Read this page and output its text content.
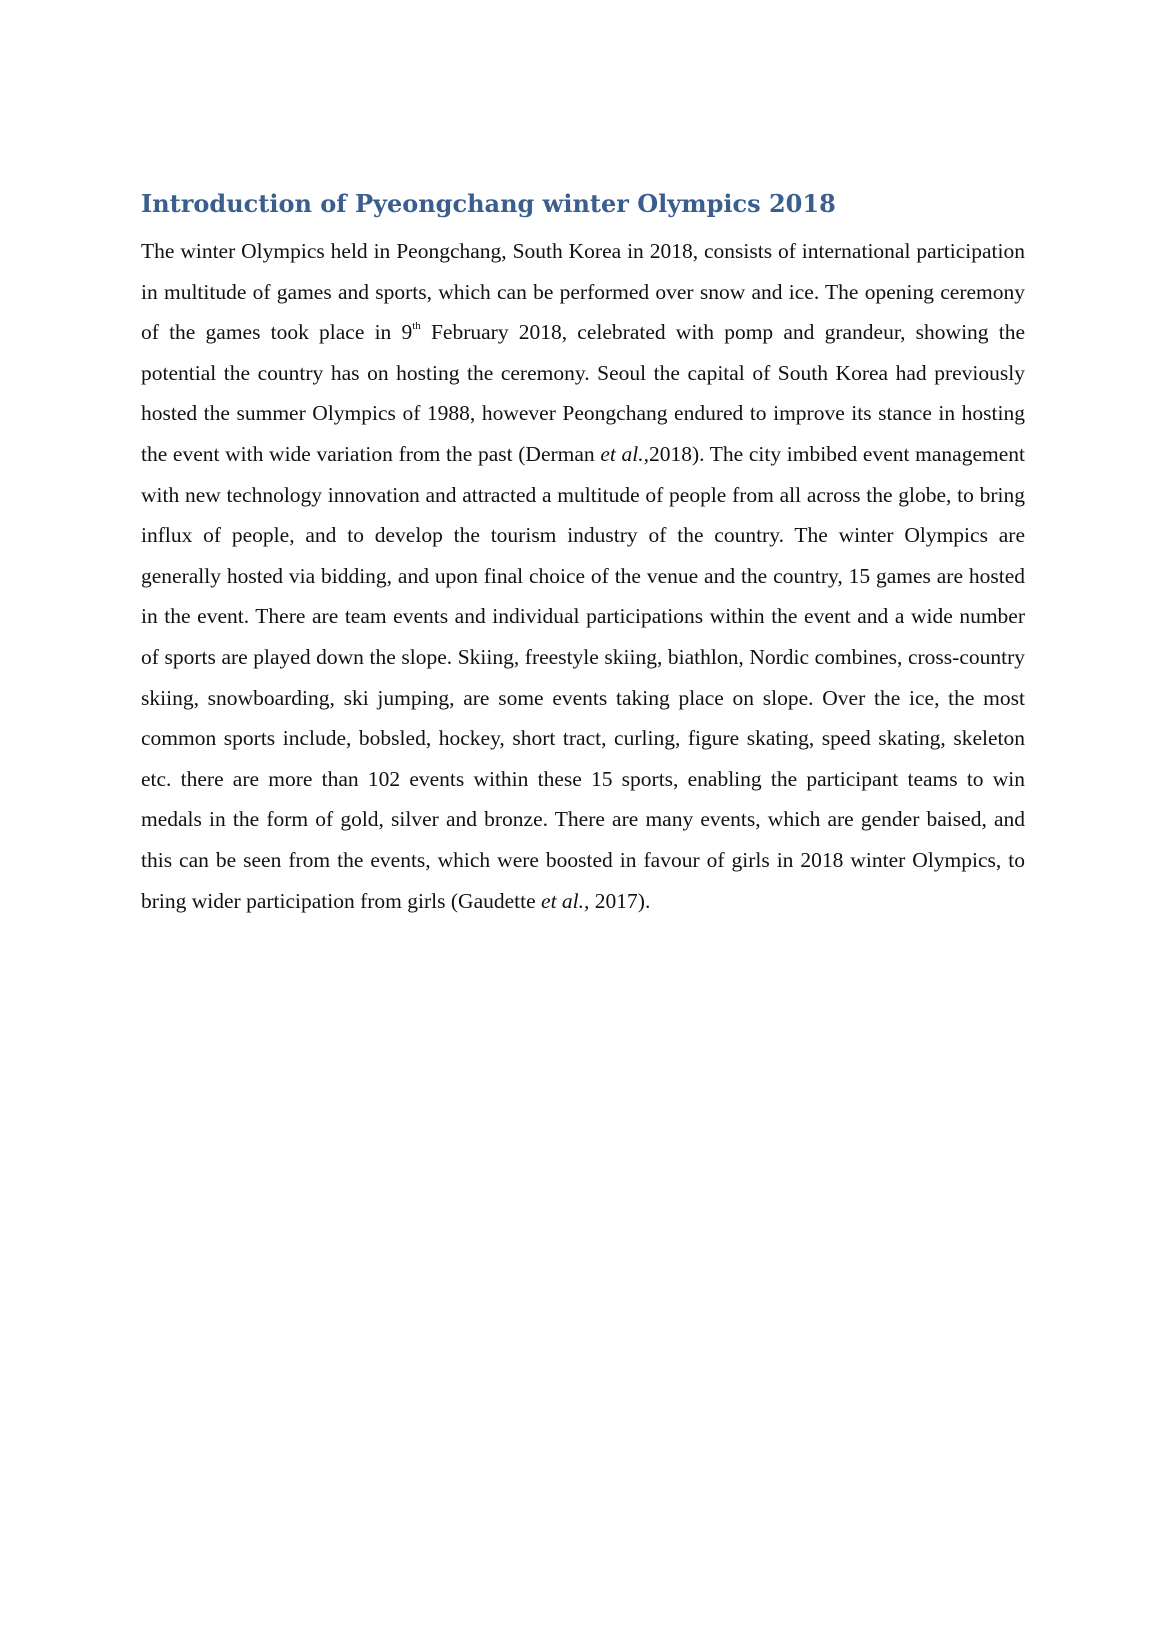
Introduction of Pyeongchang winter Olympics 2018

The winter Olympics held in Peongchang, South Korea in 2018, consists of international participation in multitude of games and sports, which can be performed over snow and ice. The opening ceremony of the games took place in 9th February 2018, celebrated with pomp and grandeur, showing the potential the country has on hosting the ceremony. Seoul the capital of South Korea had previously hosted the summer Olympics of 1988, however Peongchang endured to improve its stance in hosting the event with wide variation from the past (Derman et al.,2018). The city imbibed event management with new technology innovation and attracted a multitude of people from all across the globe, to bring influx of people, and to develop the tourism industry of the country. The winter Olympics are generally hosted via bidding, and upon final choice of the venue and the country, 15 games are hosted in the event. There are team events and individual participations within the event and a wide number of sports are played down the slope. Skiing, freestyle skiing, biathlon, Nordic combines, cross-country skiing, snowboarding, ski jumping, are some events taking place on slope. Over the ice, the most common sports include, bobsled, hockey, short tract, curling, figure skating, speed skating, skeleton etc. there are more than 102 events within these 15 sports, enabling the participant teams to win medals in the form of gold, silver and bronze. There are many events, which are gender baised, and this can be seen from the events, which were boosted in favour of girls in 2018 winter Olympics, to bring wider participation from girls (Gaudette et al., 2017).
